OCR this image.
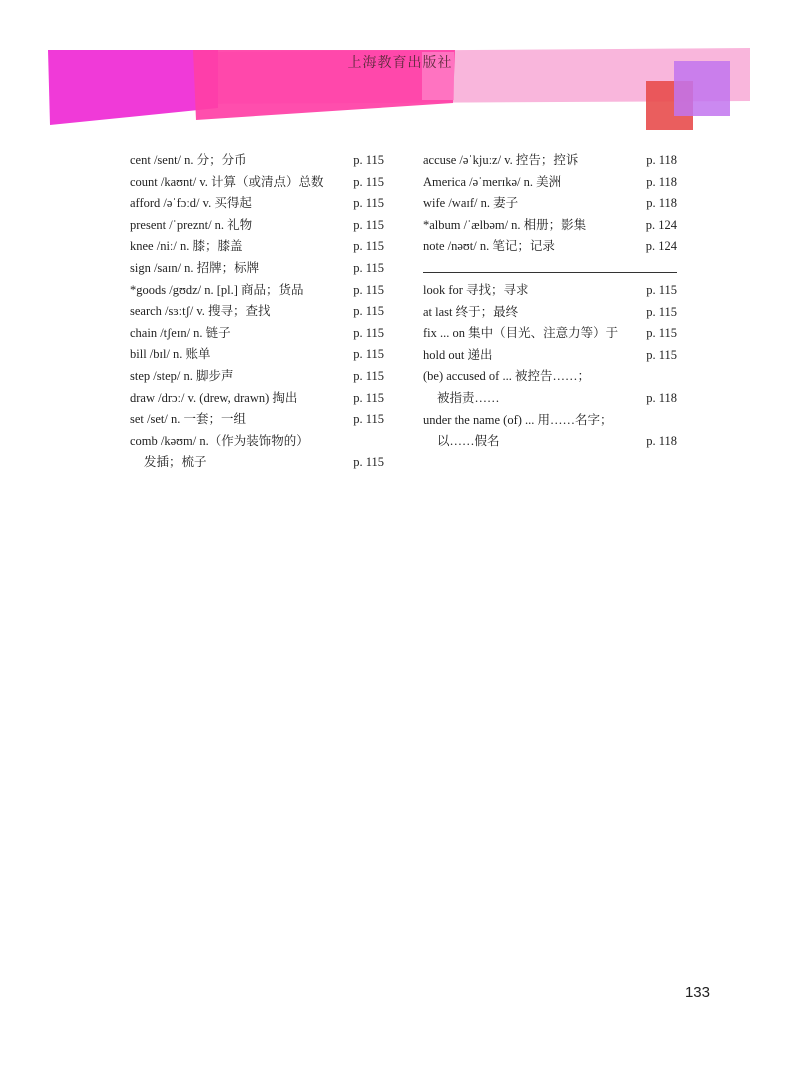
上海教育出版社
cent /sent/ n. 分；分币	p. 115
count /kaʊnt/ v. 计算（或清点）总数	p. 115
afford /əˈfɔːd/ v. 买得起	p. 115
present /ˈpreznt/ n. 礼物	p. 115
knee /niː/ n. 膝；膝盖	p. 115
sign /saɪn/ n. 招牌；标牌	p. 115
*goods /gʊdz/ n. [pl.] 商品；货品	p. 115
search /sɜːtʃ/ v. 搜寻；查找	p. 115
chain /tʃeɪn/ n. 链子	p. 115
bill /bɪl/ n. 账单	p. 115
step /step/ n. 脚步声	p. 115
draw /drɔː/ v. (drew, drawn) 掏出	p. 115
set /set/ n. 一套；一组	p. 115
comb /kəʊm/ n.（作为装饰物的）
发插；梳子	p. 115
accuse /əˈkjuːz/ v. 控告；控诉	p. 118
America /əˈmerɪkə/ n. 美洲	p. 118
wife /waɪf/ n. 妻子	p. 118
*album /ˈælbəm/ n. 相册；影集	p. 124
note /nəʊt/ n. 笔记；记录	p. 124
look for 寻找；寻求	p. 115
at last 终于；最终	p. 115
fix ... on 集中（目光、注意力等）于	p. 115
hold out 递出	p. 115
(be) accused of ... 被控告……；
被指责……	p. 118
under the name (of) ... 用……名字；
以……假名	p. 118
133
